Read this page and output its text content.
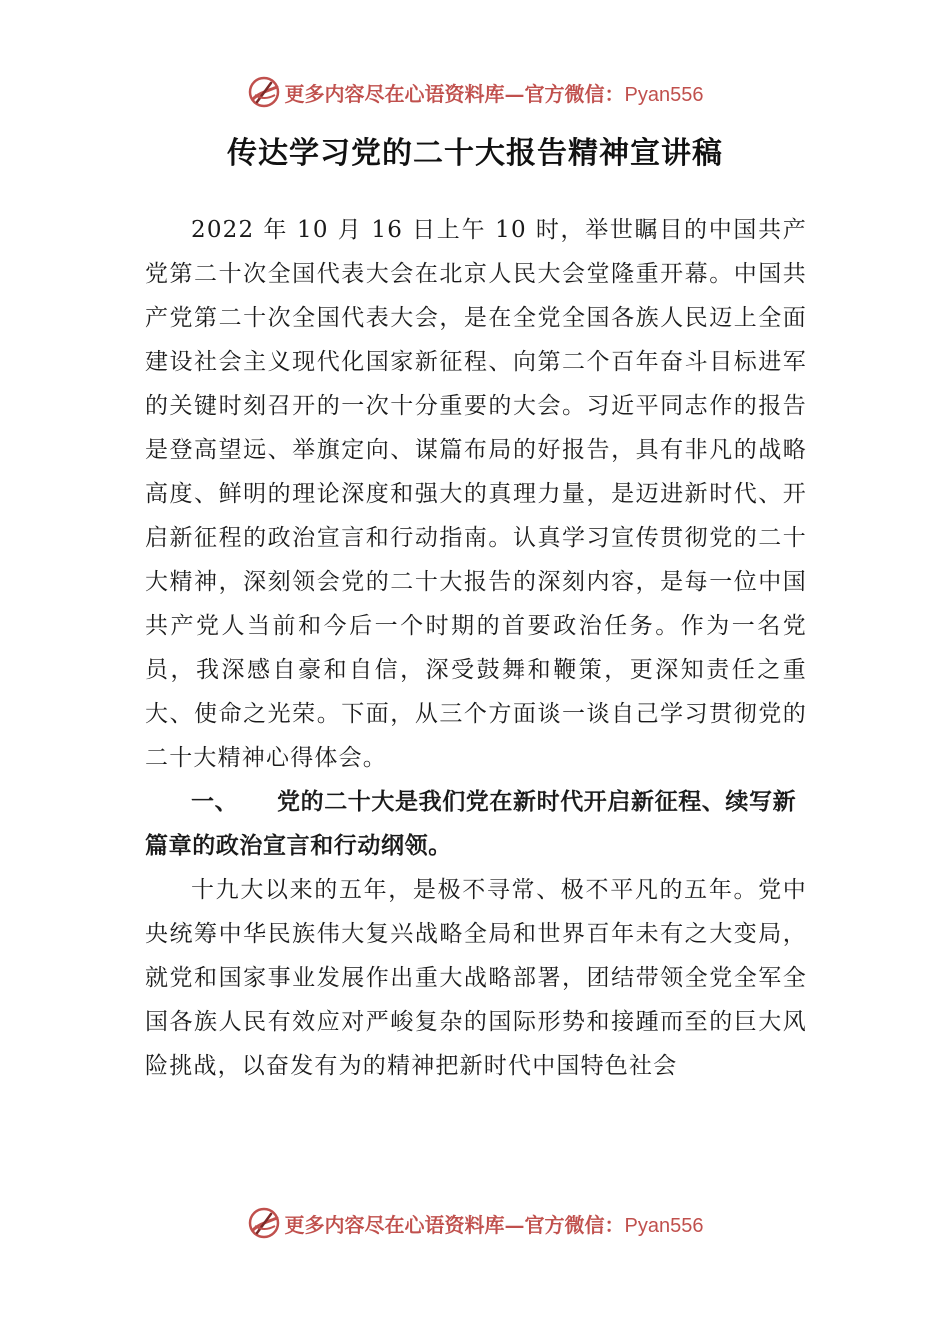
更多内容尽在心语资料库—官方微信：Pyan556
传达学习党的二十大报告精神宣讲稿

2022 年 10 月 16 日上午 10 时，举世瞩目的中国共产党第二十次全国代表大会在北京人民大会堂隆重开幕。中国共产党第二十次全国代表大会，是在全党全国各族人民迈上全面建设社会主义现代化国家新征程、向第二个百年奋斗目标进军的关键时刻召开的一次十分重要的大会。习近平同志作的报告是登高望远、举旗定向、谋篇布局的好报告，具有非凡的战略高度、鲜明的理论深度和强大的真理力量，是迈进新时代、开启新征程的政治宣言和行动指南。认真学习宣传贯彻党的二十大精神，深刻领会党的二十大报告的深刻内容，是每一位中国共产党人当前和今后一个时期的首要政治任务。作为一名党员，我深感自豪和自信，深受鼓舞和鞭策，更深知责任之重大、使命之光荣。下面，从三个方面谈一谈自己学习贯彻党的二十大精神心得体会。

一、 党的二十大是我们党在新时代开启新征程、续写新篇章的政治宣言和行动纲领。

十九大以来的五年，是极不寻常、极不平凡的五年。党中央统筹中华民族伟大复兴战略全局和世界百年未有之大变局，就党和国家事业发展作出重大战略部署，团结带领全党全军全国各族人民有效应对严峻复杂的国际形势和接踵而至的巨大风险挑战，以奋发有为的精神把新时代中国特色社会

更多内容尽在心语资料库—官方微信：Pyan556
